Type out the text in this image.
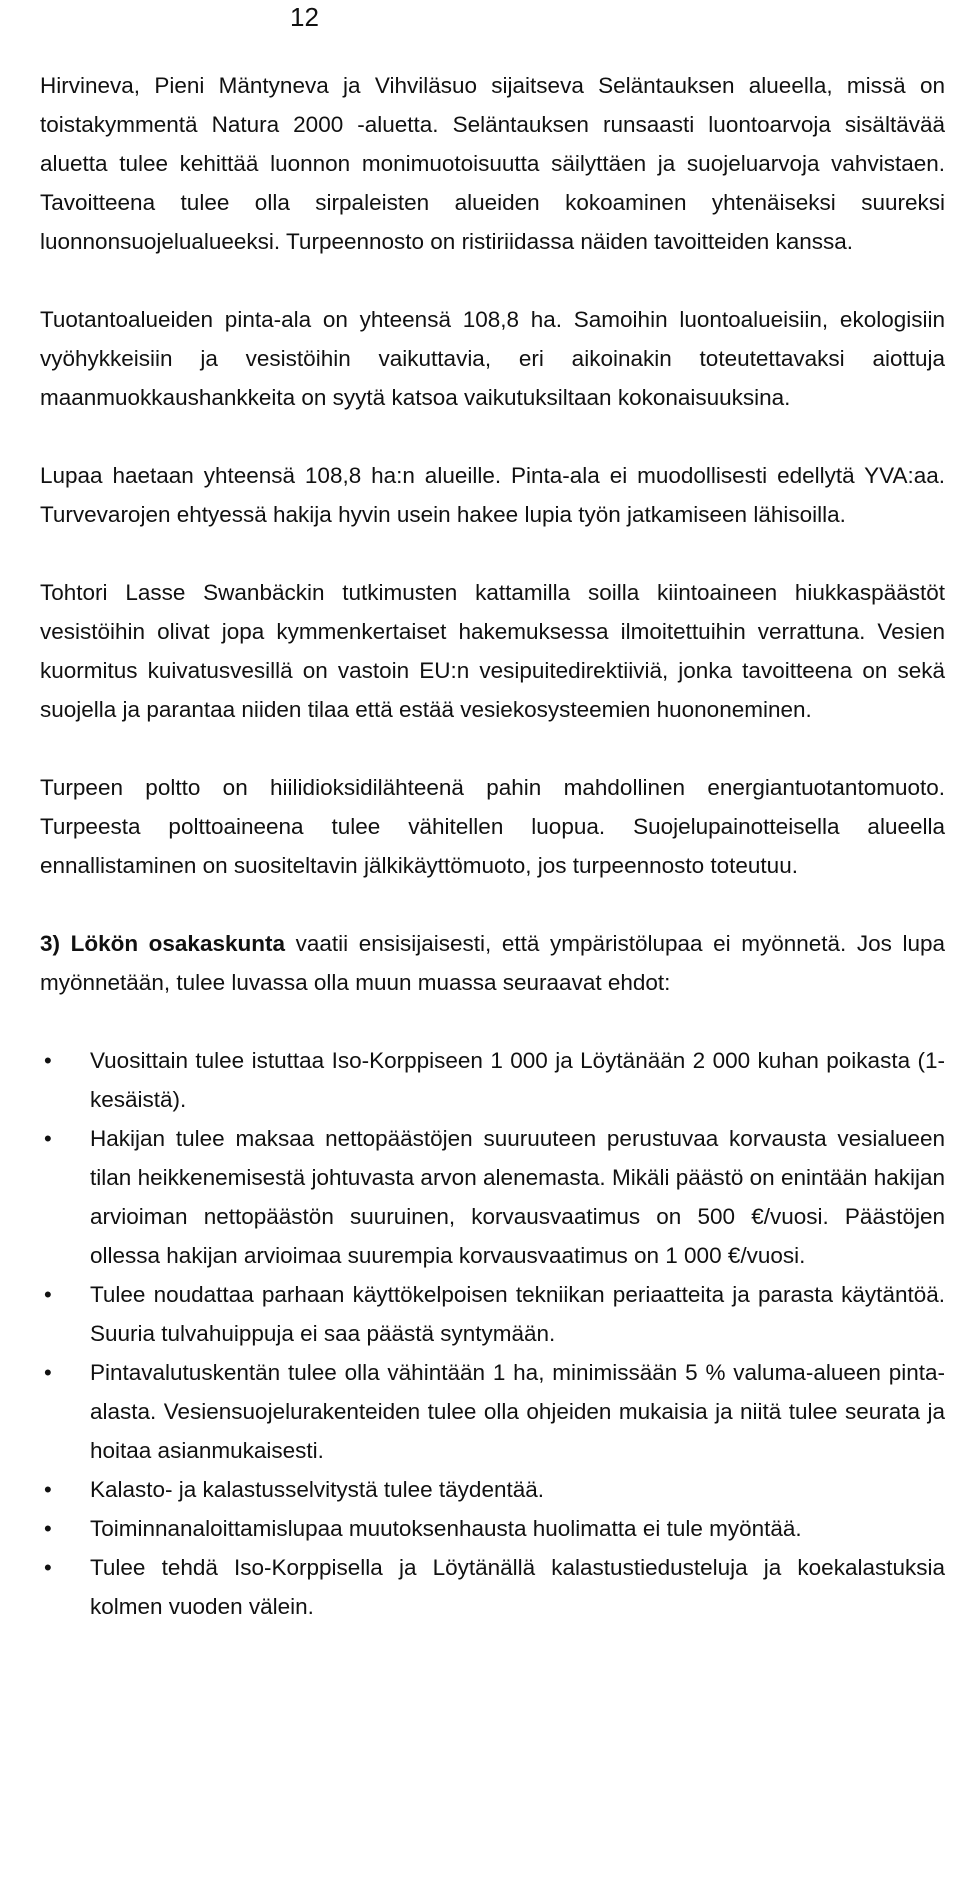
12

Hirvineva, Pieni Mäntyneva ja Vihviläsuo sijaitseva Seläntauksen alueella, missä on toistakymmentä Natura 2000 -aluetta. Seläntauksen runsaasti luontoarvoja sisältävää aluetta tulee kehittää luonnon monimuotoisuutta säilyttäen ja suojeluarvoja vahvistaen. Tavoitteena tulee olla sirpaleisten alueiden kokoaminen yhtenäiseksi suureksi luonnonsuojelualueeksi. Turpeennosto on ristiriidassa näiden tavoitteiden kanssa.

Tuotantoalueiden pinta-ala on yhteensä 108,8 ha. Samoihin luontoalueisiin, ekologisiin vyöhykkeisiin ja vesistöihin vaikuttavia, eri aikoinakin toteutettavaksi aiottuja maanmuokkaushankkeita on syytä katsoa vaikutuksiltaan kokonaisuuksina.

Lupaa haetaan yhteensä 108,8 ha:n alueille. Pinta-ala ei muodollisesti edellytä YVA:aa. Turvevarojen ehtyessä hakija hyvin usein hakee lupia työn jatkamiseen lähisoilla.

Tohtori Lasse Swanbäckin tutkimusten kattamilla soilla kiintoaineen hiukkaspäästöt vesistöihin olivat jopa kymmenkertaiset hakemuksessa ilmoitettuihin verrattuna. Vesien kuormitus kuivatusvesillä on vastoin EU:n vesipuitedirektiiviä, jonka tavoitteena on sekä suojella ja parantaa niiden tilaa että estää vesiekosysteemien huononeminen.

Turpeen poltto on hiilidioksidilähteenä pahin mahdollinen energiantuotantomuoto. Turpeesta polttoaineena tulee vähitellen luopua. Suojelupainotteisella alueella ennallistaminen on suositeltavin jälkikäyttömuoto, jos turpeennosto toteutuu.

3) Lökön osakaskunta vaatii ensisijaisesti, että ympäristölupaa ei myönnetä. Jos lupa myönnetään, tulee luvassa olla muun muassa seuraavat ehdot:

• Vuosittain tulee istuttaa Iso-Korppiseen 1 000 ja Löytänään 2 000 kuhan poikasta (1-kesäistä).
• Hakijan tulee maksaa nettopäästöjen suuruuteen perustuvaa korvausta vesialueen tilan heikkenemisestä johtuvasta arvon alenemasta. Mikäli päästö on enintään hakijan arvioiman nettopäästön suuruinen, korvausvaatimus on 500 €/vuosi. Päästöjen ollessa hakijan arvioimaa suurempia korvausvaatimus on 1 000 €/vuosi.
• Tulee noudattaa parhaan käyttökelpoisen tekniikan periaatteita ja parasta käytäntöä. Suuria tulvahuippuja ei saa päästä syntymään.
• Pintavalutuskentän tulee olla vähintään 1 ha, minimissään 5 % valuma-alueen pinta-alasta. Vesiensuojelurakenteiden tulee olla ohjeiden mukaisia ja niitä tulee seurata ja hoitaa asianmukaisesti.
• Kalasto- ja kalastusselvitystä tulee täydentää.
• Toiminnanaloittamislupaa muutoksenhausta huolimatta ei tule myöntää.
• Tulee tehdä Iso-Korppisella ja Löytänällä kalastustiedusteluja ja koekalastuksia kolmen vuoden välein.
